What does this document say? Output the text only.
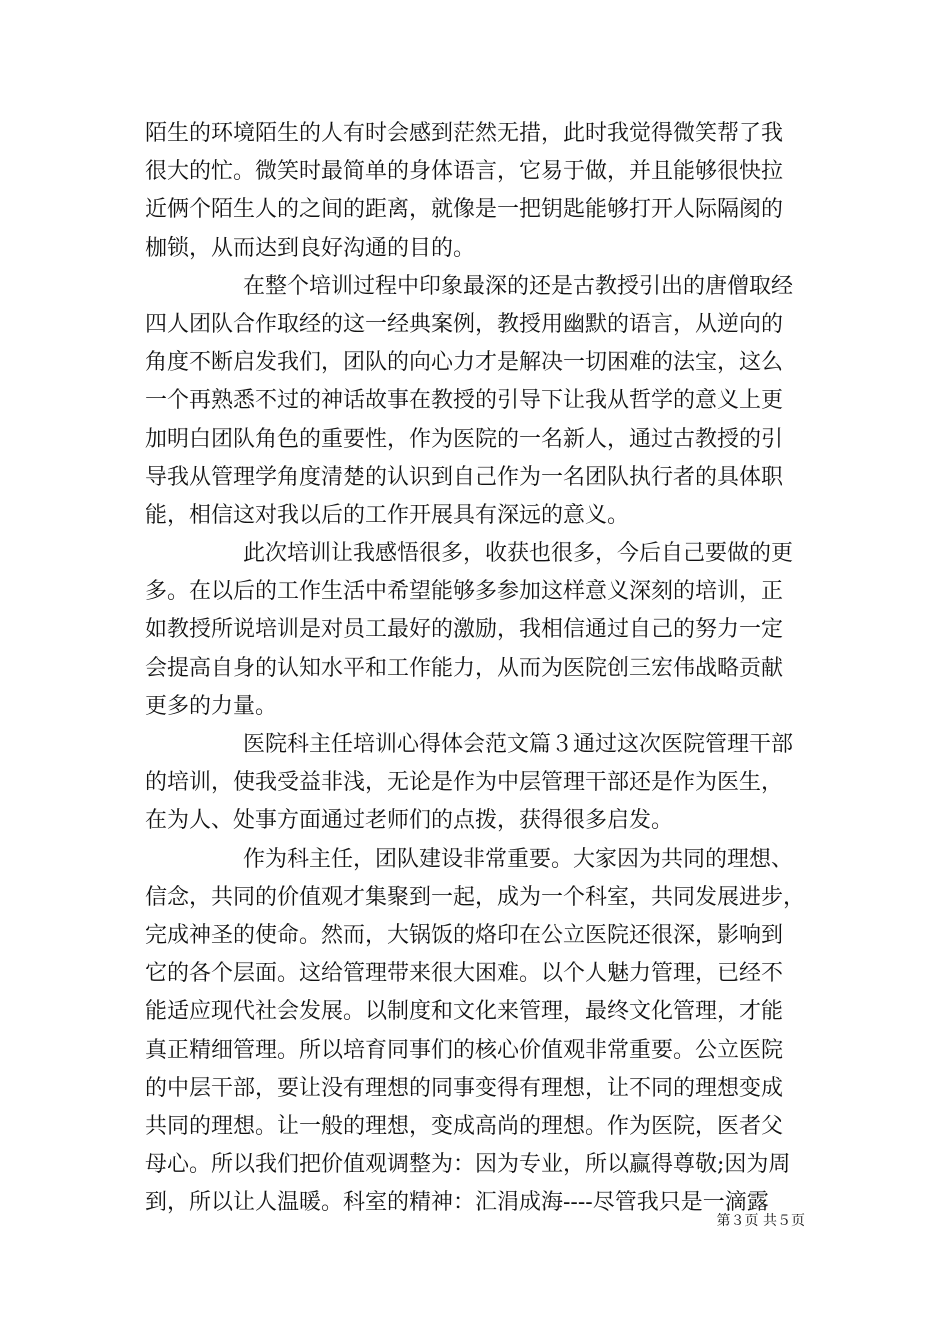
陌生的环境陌生的人有时会感到茫然无措，此时我觉得微笑帮了我
很大的忙。微笑时最简单的身体语言，它易于做，并且能够很快拉
近俩个陌生人的之间的距离，就像是一把钥匙能够打开人际隔阂的
枷锁，从而达到良好沟通的目的。
在整个培训过程中印象最深的还是古教授引出的唐僧取经
四人团队合作取经的这一经典案例，教授用幽默的语言，从逆向的
角度不断启发我们，团队的向心力才是解决一切困难的法宝，这么
一个再熟悉不过的神话故事在教授的引导下让我从哲学的意义上更
加明白团队角色的重要性，作为医院的一名新人，通过古教授的引
导我从管理学角度清楚的认识到自己作为一名团队执行者的具体职
能，相信这对我以后的工作开展具有深远的意义。
此次培训让我感悟很多，收获也很多，今后自己要做的更
多。在以后的工作生活中希望能够多参加这样意义深刻的培训，正
如教授所说培训是对员工最好的激励，我相信通过自己的努力一定
会提高自身的认知水平和工作能力，从而为医院创三宏伟战略贡献
更多的力量。
医院科主任培训心得体会范文篇３通过这次医院管理干部
的培训，使我受益非浅，无论是作为中层管理干部还是作为医生，
在为人、处事方面通过老师们的点拨，获得很多启发。
作为科主任，团队建设非常重要。大家因为共同的理想、
信念，共同的价值观才集聚到一起，成为一个科室，共同发展进步，
完成神圣的使命。然而，大锅饭的烙印在公立医院还很深，影响到
它的各个层面。这给管理带来很大困难。以个人魅力管理，已经不
能适应现代社会发展。以制度和文化来管理，最终文化管理，才能
真正精细管理。所以培育同事们的核心价值观非常重要。公立医院
的中层干部，要让没有理想的同事变得有理想，让不同的理想变成
共同的理想。让一般的理想，变成高尚的理想。作为医院，医者父
母心。所以我们把价值观调整为：因为专业，所以赢得尊敬;因为周
到，所以让人温暖。科室的精神：汇涓成海----尽管我只是一滴露
第３页 共５页
